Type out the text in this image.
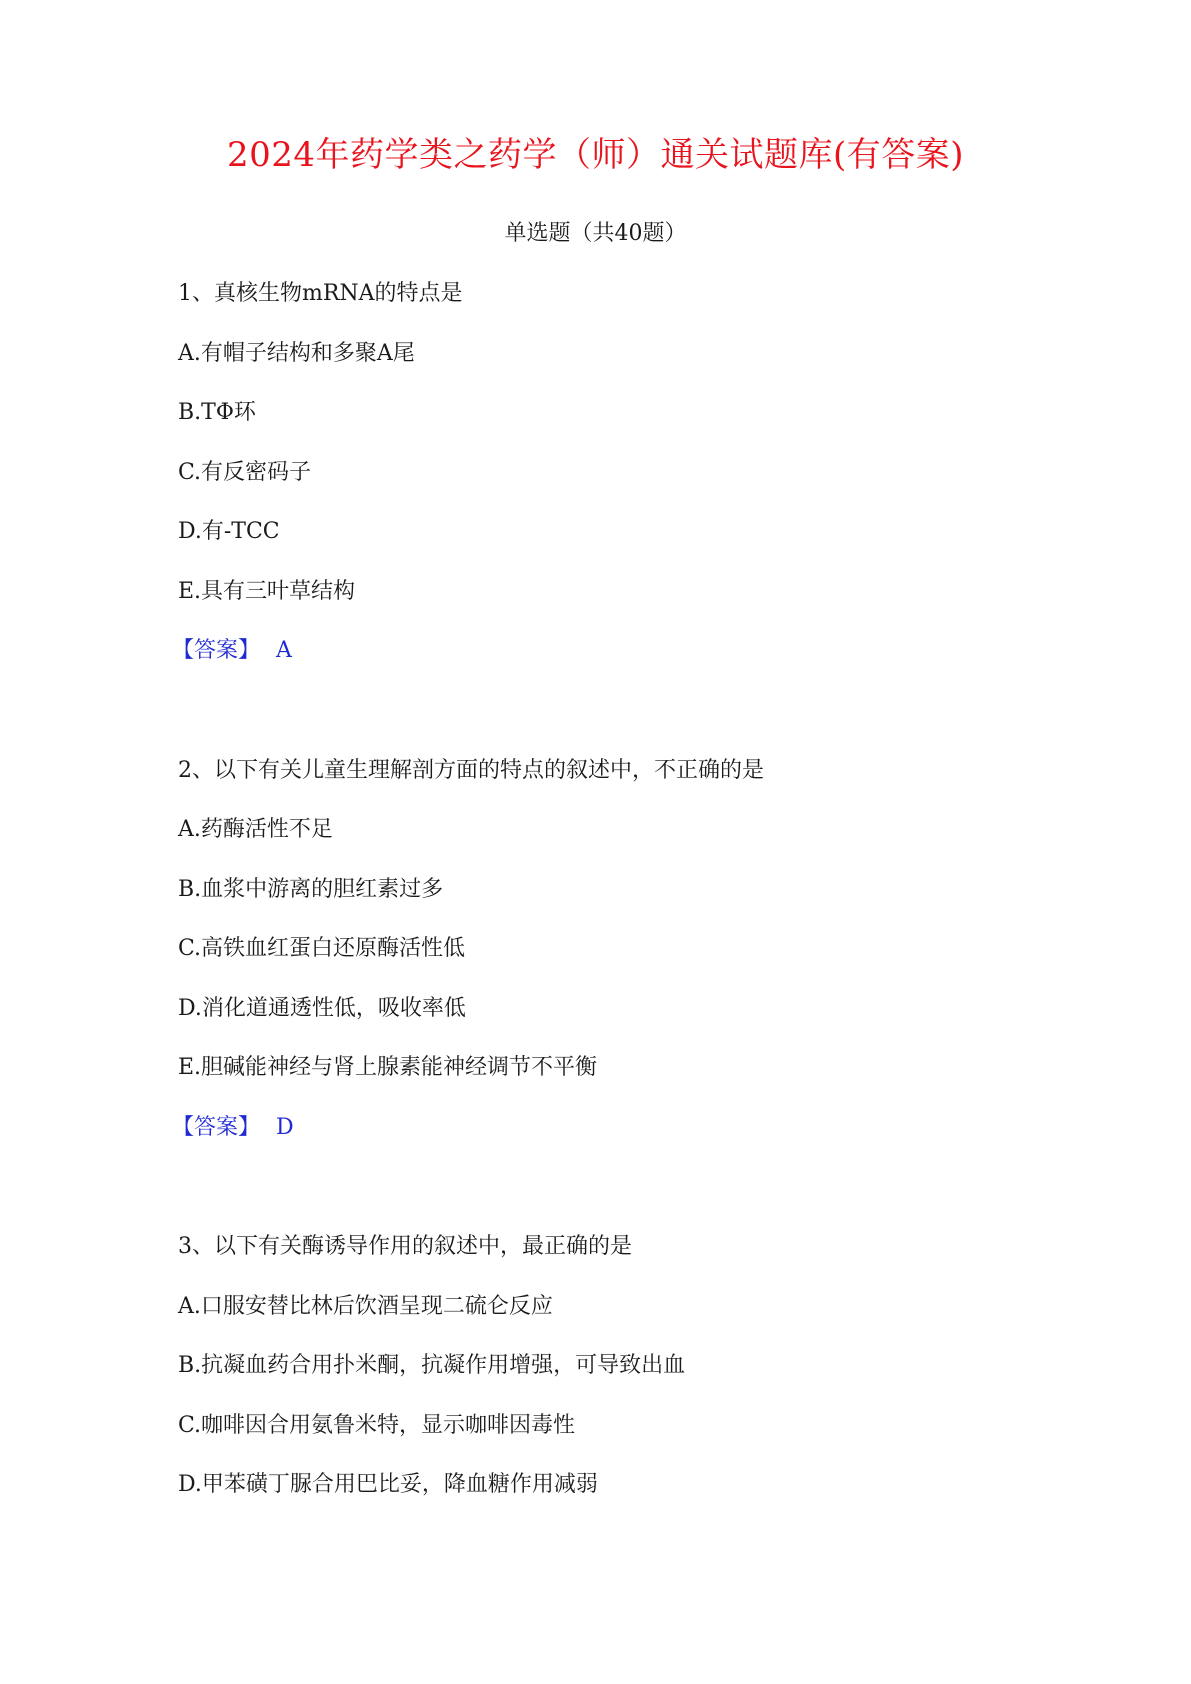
2024年药学类之药学（师）通关试题库(有答案)
单选题（共40题）
1、真核生物mRNA的特点是
A.有帽子结构和多聚A尾
B.TΦ环
C.有反密码子
D.有-TCC
E.具有三叶草结构
【答案】 A
2、以下有关儿童生理解剖方面的特点的叙述中，不正确的是
A.药酶活性不足
B.血浆中游离的胆红素过多
C.高铁血红蛋白还原酶活性低
D.消化道通透性低，吸收率低
E.胆碱能神经与肾上腺素能神经调节不平衡
【答案】 D
3、以下有关酶诱导作用的叙述中，最正确的是
A.口服安替比林后饮酒呈现二硫仑反应
B.抗凝血药合用扑米酮，抗凝作用增强，可导致出血
C.咖啡因合用氨鲁米特，显示咖啡因毒性
D.甲苯磺丁脲合用巴比妥，降血糖作用减弱
